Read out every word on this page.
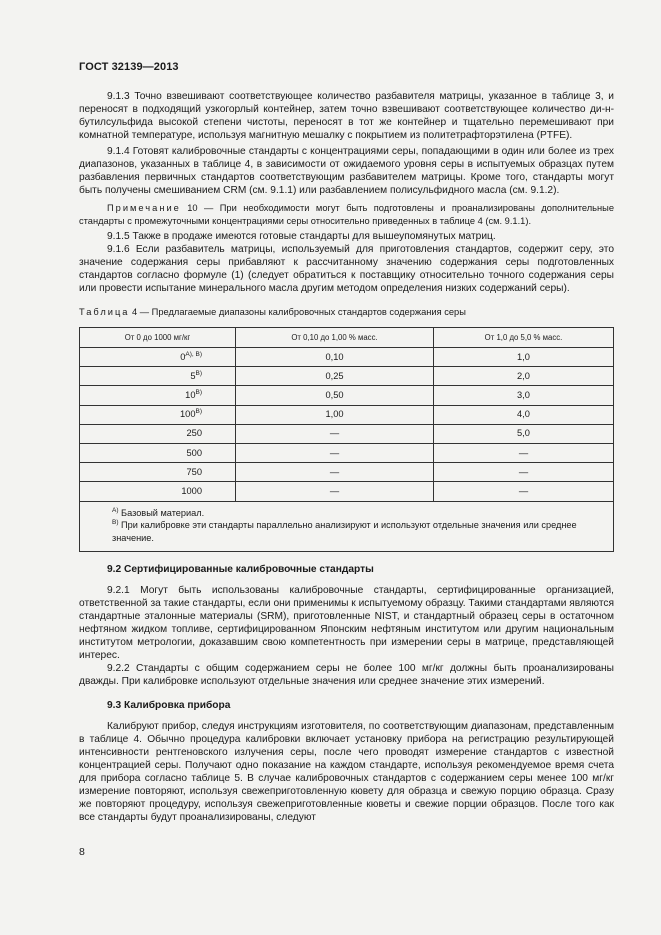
ГОСТ 32139—2013

9.1.3 Точно взвешивают соответствующее количество разбавителя матрицы, указанное в таблице 3, и переносят в подходящий узкогорлый контейнер, затем точно взвешивают соответствующее количество ди-н-бутилсульфида высокой степени чистоты, переносят в тот же контейнер и тщательно перемешивают при комнатной температуре, используя магнитную мешалку с покрытием из политетрафторэтилена (PTFE).

9.1.4 Готовят калибровочные стандарты с концентрациями серы, попадающими в один или более из трех диапазонов, указанных в таблице 4, в зависимости от ожидаемого уровня серы в испытуемых образцах путем разбавления первичных стандартов соответствующим разбавителем матрицы. Кроме того, стандарты могут быть получены смешиванием CRM (см. 9.1.1) или разбавлением полисульфидного масла (см. 9.1.2).

Примечание 10 — При необходимости могут быть подготовлены и проанализированы дополнительные стандарты с промежуточными концентрациями серы относительно приведенных в таблице 4 (см. 9.1.1).

9.1.5 Также в продаже имеются готовые стандарты для вышеупомянутых матриц.

9.1.6 Если разбавитель матрицы, используемый для приготовления стандартов, содержит серу, это значение содержания серы прибавляют к рассчитанному значению содержания серы подготовленных стандартов согласно формуле (1) (следует обратиться к поставщику относительно точного содержания серы или провести испытание минерального масла другим методом определения низких содержаний серы).

Таблица 4 — Предлагаемые диапазоны калибровочных стандартов содержания серы

От 0 до 1000 мг/кг	От 0,10 до 1,00 % масс.	От 1,0 до 5,0 % масс.
$0^{А), В)}$	0,10	1,0
$5^{В)}$	0,25	2,0
$10^{В)}$	0,50	3,0
$100^{В)}$	1,00	4,0
250	—	5,0
500	—	—
750	—	—
1000	—	—

$^{А)}$ Базовый материал.
$^{В)}$ При калибровке эти стандарты параллельно анализируют и используют отдельные значения или среднее значение.		
9.2 Сертифицированные калибровочные стандарты

9.2.1 Могут быть использованы калибровочные стандарты, сертифицированные организацией, ответственной за такие стандарты, если они применимы к испытуемому образцу. Такими стандартами являются стандартные эталонные материалы (SRM), приготовленные NIST, и стандартный образец серы в остаточном нефтяном жидком топливе, сертифицированном Японским нефтяным институтом или другим национальным институтом метрологии, доказавшим свою компетентность при измерении серы в матрице, представляющей интерес.

9.2.2 Стандарты с общим содержанием серы не более 100 мг/кг должны быть проанализированы дважды. При калибровке используют отдельные значения или среднее значение этих измерений.

9.3 Калибровка прибора

Калибруют прибор, следуя инструкциям изготовителя, по соответствующим диапазонам, представленным в таблице 4. Обычно процедура калибровки включает установку прибора на регистрацию результирующей интенсивности рентгеновского излучения серы, после чего проводят измерение стандартов с известной концентрацией серы. Получают одно показание на каждом стандарте, используя рекомендуемое время счета для прибора согласно таблице 5. В случае калибровочных стандартов с содержанием серы менее 100 мг/кг измерение повторяют, используя свежеприготовленную кювету для образца и свежую порцию образца. Сразу же повторяют процедуру, используя свежеприготовленные кюветы и свежие порции образцов. После того как все стандарты будут проанализированы, следуют

8
